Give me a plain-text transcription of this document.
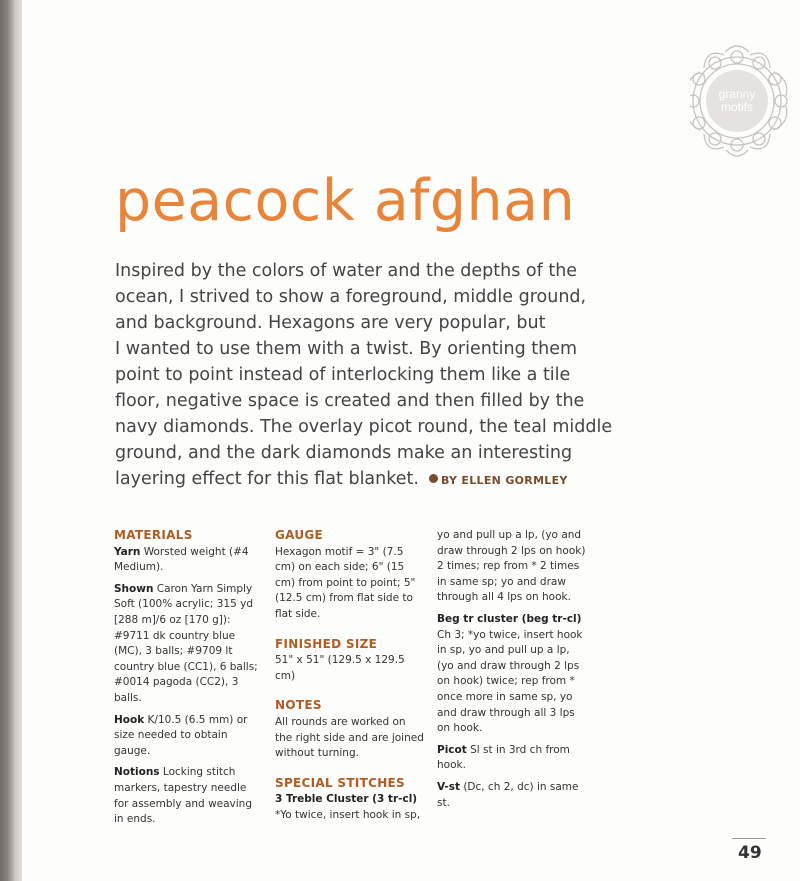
granny
motifs
peacock afghan
Inspired by the colors of water and the depths of the
ocean, I strived to show a foreground, middle ground,
and background. Hexagons are very popular, but
I wanted to use them with a twist. By orienting them
point to point instead of interlocking them like a tile
floor, negative space is created and then filled by the
navy diamonds. The overlay picot round, the teal middle
ground, and the dark diamonds make an interesting
layering effect for this flat blanket. BY ELLEN GORMLEY
MATERIALS

Yarn Worsted weight (#4 Medium).

Shown Caron Yarn Simply Soft (100% acrylic; 315 yd [288 m]/6 oz [170 g]): #9711 dk country blue (MC), 3 balls; #9709 lt country blue (CC1), 6 balls; #0014 pagoda (CC2), 3 balls.

Hook K/10.5 (6.5 mm) or size needed to obtain gauge.

Notions Locking stitch markers, tapestry needle for assembly and weaving in ends.

GAUGE
Hexagon motif = 3" (7.5 cm) on each side; 6" (15 cm) from point to point; 5" (12.5 cm) from flat side to flat side.
FINISHED SIZE
51" x 51" (129.5 x 129.5 cm)
NOTES
All rounds are worked on the right side and are joined without turning.
SPECIAL STITCHES
3 Treble Cluster (3 tr-cl)
*Yo twice, insert hook in sp,

yo and pull up a lp, (yo and draw through 2 lps on hook) 2 times; rep from * 2 times in same sp; yo and draw through all 4 lps on hook.

Beg tr cluster (beg tr-cl)
Ch 3; *yo twice, insert hook in sp, yo and pull up a lp, (yo and draw through 2 lps on hook) twice; rep from * once more in same sp, yo and draw through all 3 lps on hook.

Picot Sl st in 3rd ch from hook.

V-st (Dc, ch 2, dc) in same st.

49
